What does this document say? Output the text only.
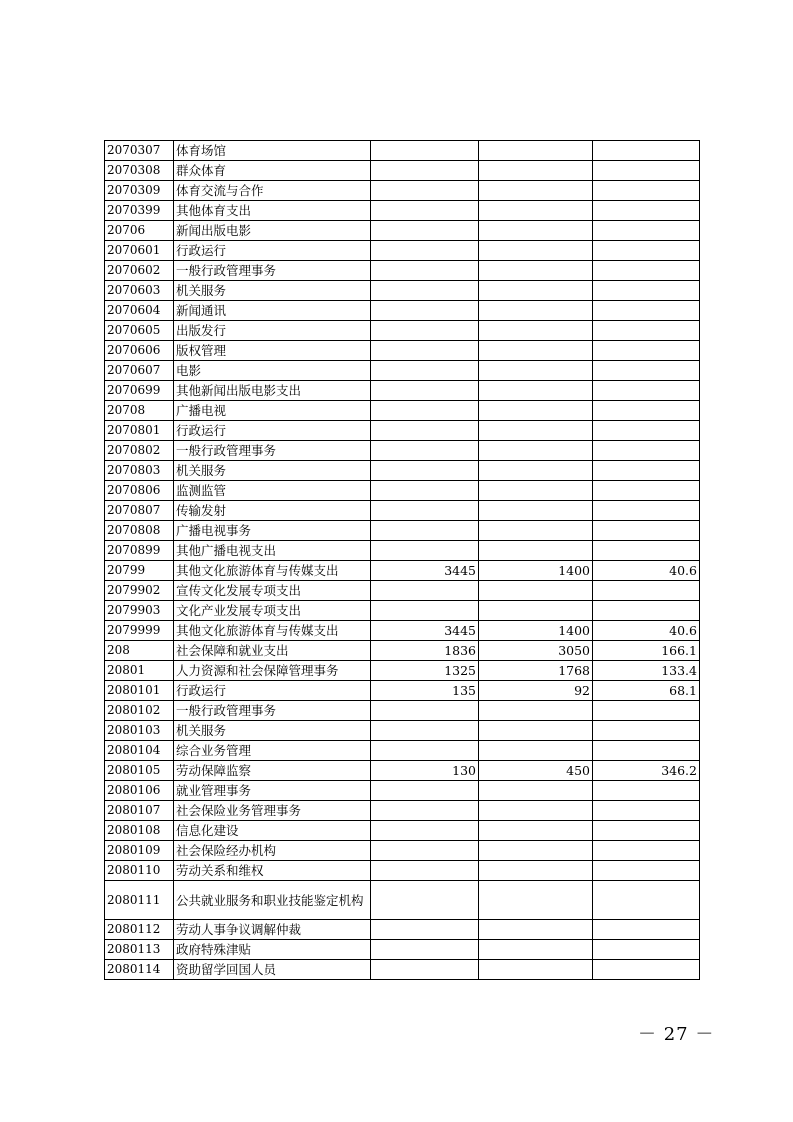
2070307	体育场馆			
2070308	群众体育			
2070309	体育交流与合作			
2070399	其他体育支出			
20706	新闻出版电影			
2070601	行政运行			
2070602	一般行政管理事务			
2070603	机关服务			
2070604	新闻通讯			
2070605	出版发行			
2070606	版权管理			
2070607	电影			
2070699	其他新闻出版电影支出			
20708	广播电视			
2070801	行政运行			
2070802	一般行政管理事务			
2070803	机关服务			
2070806	监测监管			
2070807	传输发射			
2070808	广播电视事务			
2070899	其他广播电视支出			
20799	其他文化旅游体育与传媒支出	3445	1400	40.6
2079902	宣传文化发展专项支出			
2079903	文化产业发展专项支出			
2079999	其他文化旅游体育与传媒支出	3445	1400	40.6
208	社会保障和就业支出	1836	3050	166.1
20801	人力资源和社会保障管理事务	1325	1768	133.4
2080101	行政运行	135	92	68.1
2080102	一般行政管理事务			
2080103	机关服务			
2080104	综合业务管理			
2080105	劳动保障监察	130	450	346.2
2080106	就业管理事务			
2080107	社会保险业务管理事务			
2080108	信息化建设			
2080109	社会保险经办机构			
2080110	劳动关系和维权			
2080111	公共就业服务和职业技能鉴定机构			
2080112	劳动人事争议调解仲裁			
2080113	政府特殊津贴			
2080114	资助留学回国人员			
－ 27 －
